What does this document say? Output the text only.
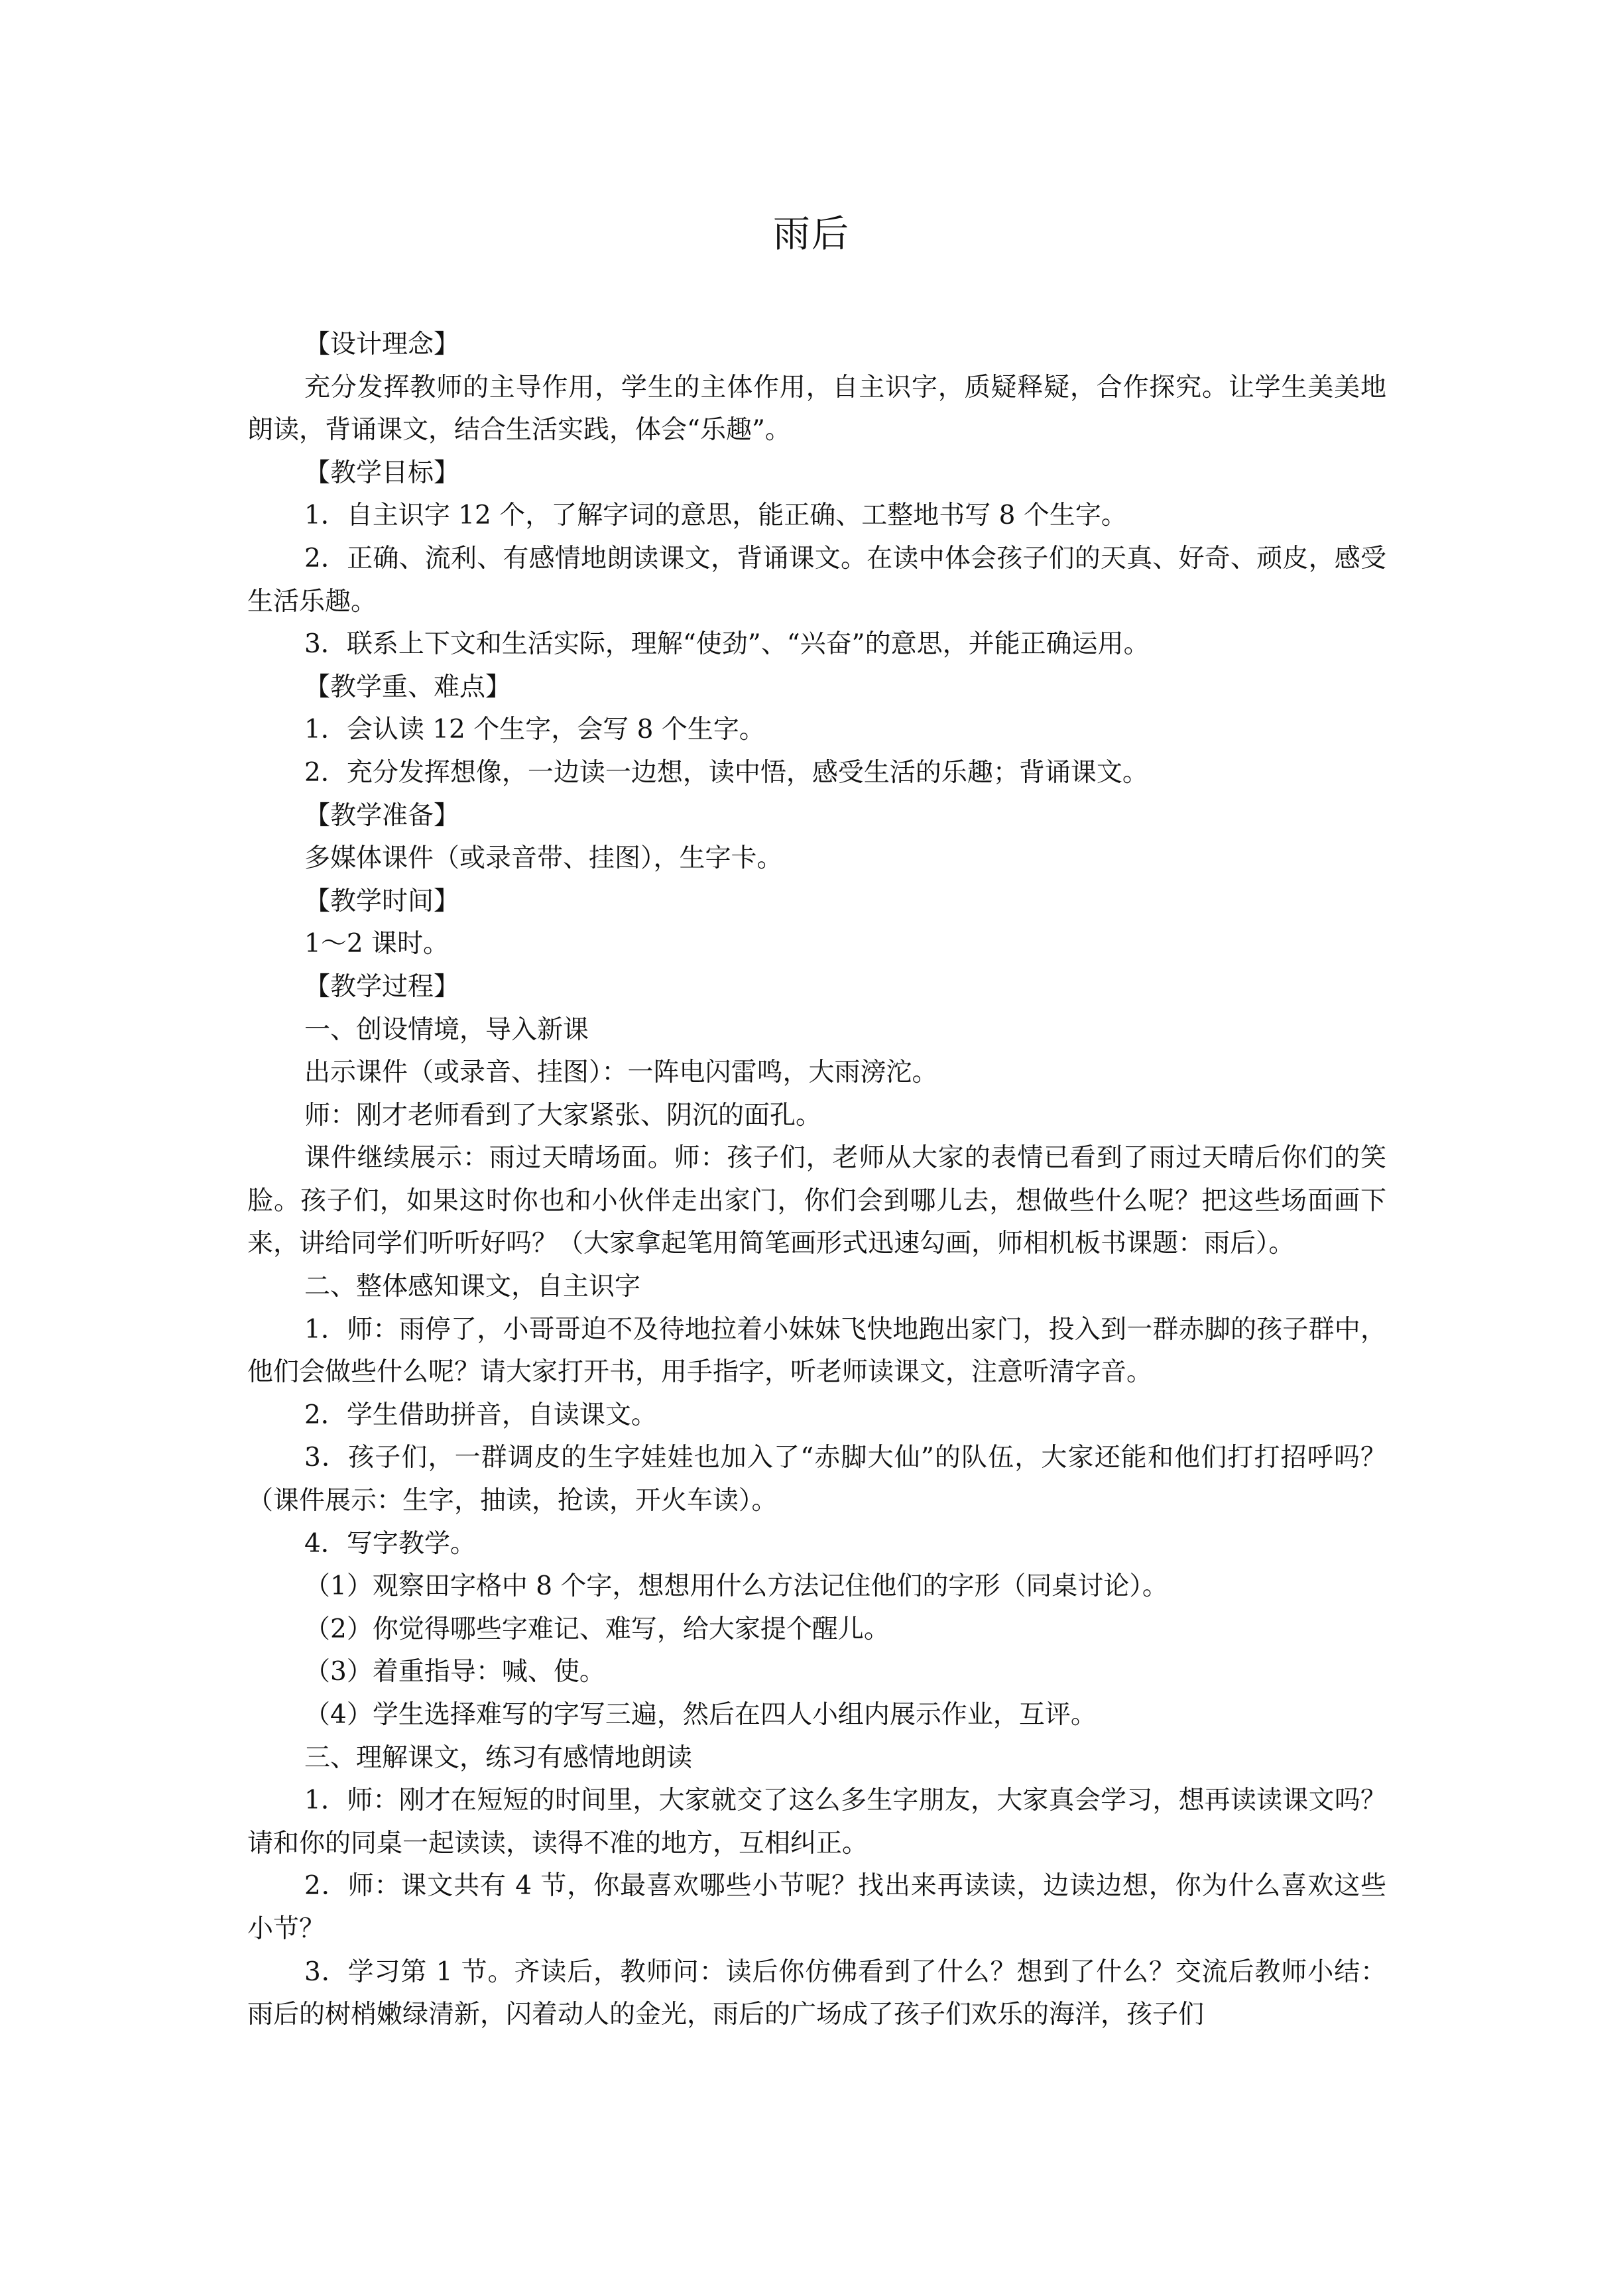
雨后

【设计理念】

充分发挥教师的主导作用，学生的主体作用，自主识字，质疑释疑，合作探究。让学生美美地朗读，背诵课文，结合生活实践，体会“乐趣”。

【教学目标】

1．自主识字 12 个，了解字词的意思，能正确、工整地书写 8 个生字。

2．正确、流利、有感情地朗读课文，背诵课文。在读中体会孩子们的天真、好奇、顽皮，感受生活乐趣。

3．联系上下文和生活实际，理解“使劲”、“兴奋”的意思，并能正确运用。

【教学重、难点】

1．会认读 12 个生字，会写 8 个生字。

2．充分发挥想像，一边读一边想，读中悟，感受生活的乐趣；背诵课文。

【教学准备】

多媒体课件（或录音带、挂图），生字卡。

【教学时间】

1～2 课时。

【教学过程】

一、创设情境，导入新课

出示课件（或录音、挂图）：一阵电闪雷鸣，大雨滂沱。

师：刚才老师看到了大家紧张、阴沉的面孔。

课件继续展示：雨过天晴场面。师：孩子们，老师从大家的表情已看到了雨过天晴后你们的笑脸。孩子们，如果这时你也和小伙伴走出家门，你们会到哪儿去，想做些什么呢？把这些场面画下来，讲给同学们听听好吗？（大家拿起笔用简笔画形式迅速勾画，师相机板书课题：雨后）。

二、整体感知课文，自主识字

1．师：雨停了，小哥哥迫不及待地拉着小妹妹飞快地跑出家门，投入到一群赤脚的孩子群中，他们会做些什么呢？请大家打开书，用手指字，听老师读课文，注意听清字音。

2．学生借助拼音，自读课文。

3．孩子们，一群调皮的生字娃娃也加入了“赤脚大仙”的队伍，大家还能和他们打打招呼吗？（课件展示：生字，抽读，抢读，开火车读）。

4．写字教学。

（1）观察田字格中 8 个字，想想用什么方法记住他们的字形（同桌讨论）。

（2）你觉得哪些字难记、难写，给大家提个醒儿。

（3）着重指导：喊、使。

（4）学生选择难写的字写三遍，然后在四人小组内展示作业，互评。

三、理解课文，练习有感情地朗读

1．师：刚才在短短的时间里，大家就交了这么多生字朋友，大家真会学习，想再读读课文吗？请和你的同桌一起读读，读得不准的地方，互相纠正。

2．师：课文共有 4 节，你最喜欢哪些小节呢？找出来再读读，边读边想，你为什么喜欢这些小节？

3．学习第 1 节。齐读后，教师问：读后你仿佛看到了什么？想到了什么？交流后教师小结：雨后的树梢嫩绿清新，闪着动人的金光，雨后的广场成了孩子们欢乐的海洋，孩子们
